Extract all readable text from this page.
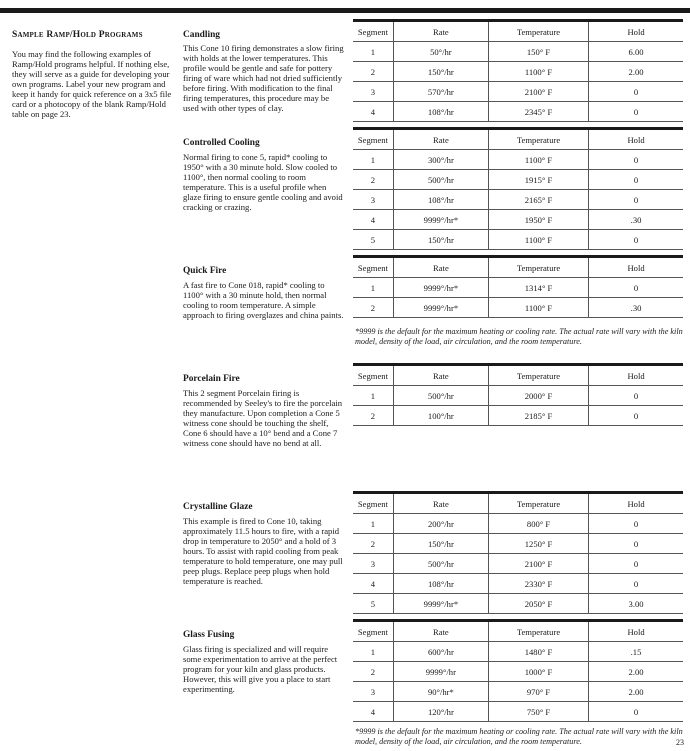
Sample Ramp/Hold Programs
You may find the following examples of Ramp/Hold programs helpful. If nothing else, they will serve as a guide for developing your own programs. Label your new program and keep it handy for quick reference on a 3x5 file card or a photocopy of the blank Ramp/Hold table on page 23.
Candling
This Cone 10 firing demonstrates a slow firing with holds at the lower temperatures. This profile would be gentle and safe for pottery firing of ware which had not dried sufficiently before firing. With modification to the final firing temperatures, this procedure may be used with other types of clay.
Controlled Cooling
Normal firing to cone 5, rapid* cooling to 1950° with a 30 minute hold. Slow cooled to 1100°, then normal cooling to room temperature. This is a useful profile when glaze firing to ensure gentle cooling and avoid cracking or crazing.
Quick Fire
A fast fire to Cone 018, rapid* cooling to 1100° with a 30 minute hold, then normal cooling to room temperature. A simple approach to firing overglazes and china paints.
Porcelain Fire
This 2 segment Porcelain firing is recommended by Seeley's to fire the porcelain they manufacture. Upon completion a Cone 5 witness cone should be touching the shelf, Cone 6 should have a 10° bend and a Cone 7 witness cone should have no bend at all.
Crystalline Glaze
This example is fired to Cone 10, taking approximately 11.5 hours to fire, with a rapid drop in temperature to 2050° and a hold of 3 hours. To assist with rapid cooling from peak temperature to hold temperature, one may pull peep plugs. Replace peep plugs when hold temperature is reached.
Glass Fusing
Glass firing is specialized and will require some experimentation to arrive at the perfect program for your kiln and glass products. However, this will give you a place to start experimenting.
Segment	Rate	Temperature	Hold
1	50°/hr	150° F	6.00
2	150°/hr	1100° F	2.00
3	570°/hr	2100° F	0
4	108°/hr	2345° F	0
Segment	Rate	Temperature	Hold
1	300°/hr	1100° F	0
2	500°/hr	1915° F	0
3	108°/hr	2165° F	0
4	9999°/hr*	1950° F	.30
5	150°/hr	1100° F	0
Segment	Rate	Temperature	Hold
1	9999°/hr*	1314° F	0
2	9999°/hr*	1100° F	.30
Segment	Rate	Temperature	Hold
1	500°/hr	2000° F	0
2	100°/hr	2185° F	0
Segment	Rate	Temperature	Hold
1	200°/hr	800° F	0
2	150°/hr	1250° F	0
3	500°/hr	2100° F	0
4	108°/hr	2330° F	0
5	9999°/hr*	2050° F	3.00
Segment	Rate	Temperature	Hold
1	600°/hr	1480° F	.15
2	9999°/hr	1000° F	2.00
3	90°/hr*	970° F	2.00
4	120°/hr	750° F	0
*9999 is the default for the maximum heating or cooling rate. The actual rate will vary with the kiln model, density of the load, air circulation, and the room temperature.
*9999 is the default for the maximum heating or cooling rate. The actual rate will vary with the kiln model, density of the load, air circulation, and the room temperature.	23
